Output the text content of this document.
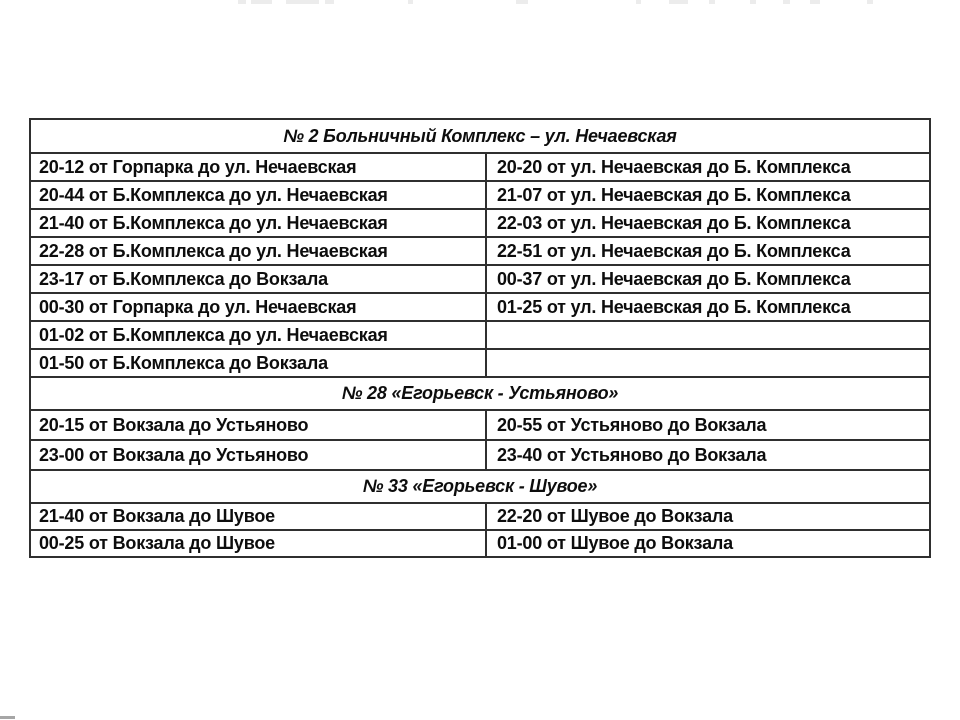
№ 2 Больничный Комплекс – ул. Нечаевская
20-12 от Горпарка до ул. Нечаевская	20-20 от ул. Нечаевская до Б. Комплекса
20-44 от Б.Комплекса до ул. Нечаевская	21-07 от ул. Нечаевская до Б. Комплекса
21-40 от Б.Комплекса до ул. Нечаевская	22-03 от ул. Нечаевская до Б. Комплекса
22-28 от Б.Комплекса до ул. Нечаевская	22-51 от ул. Нечаевская до Б. Комплекса
23-17 от Б.Комплекса до Вокзала	00-37 от ул. Нечаевская до Б. Комплекса
00-30 от Горпарка до ул. Нечаевская	01-25 от ул. Нечаевская до Б. Комплекса
01-02 от Б.Комплекса до ул. Нечаевская
01-50 от Б.Комплекса до Вокзала
№ 28 «Егорьевск - Устьяново»
20-15 от Вокзала до Устьяново	20-55 от Устьяново до Вокзала
23-00 от Вокзала до Устьяново	23-40 от Устьяново до Вокзала
№ 33 «Егорьевск - Шувое»
21-40 от Вокзала до Шувое	22-20 от Шувое до Вокзала
00-25 от Вокзала до Шувое	01-00 от Шувое до Вокзала
